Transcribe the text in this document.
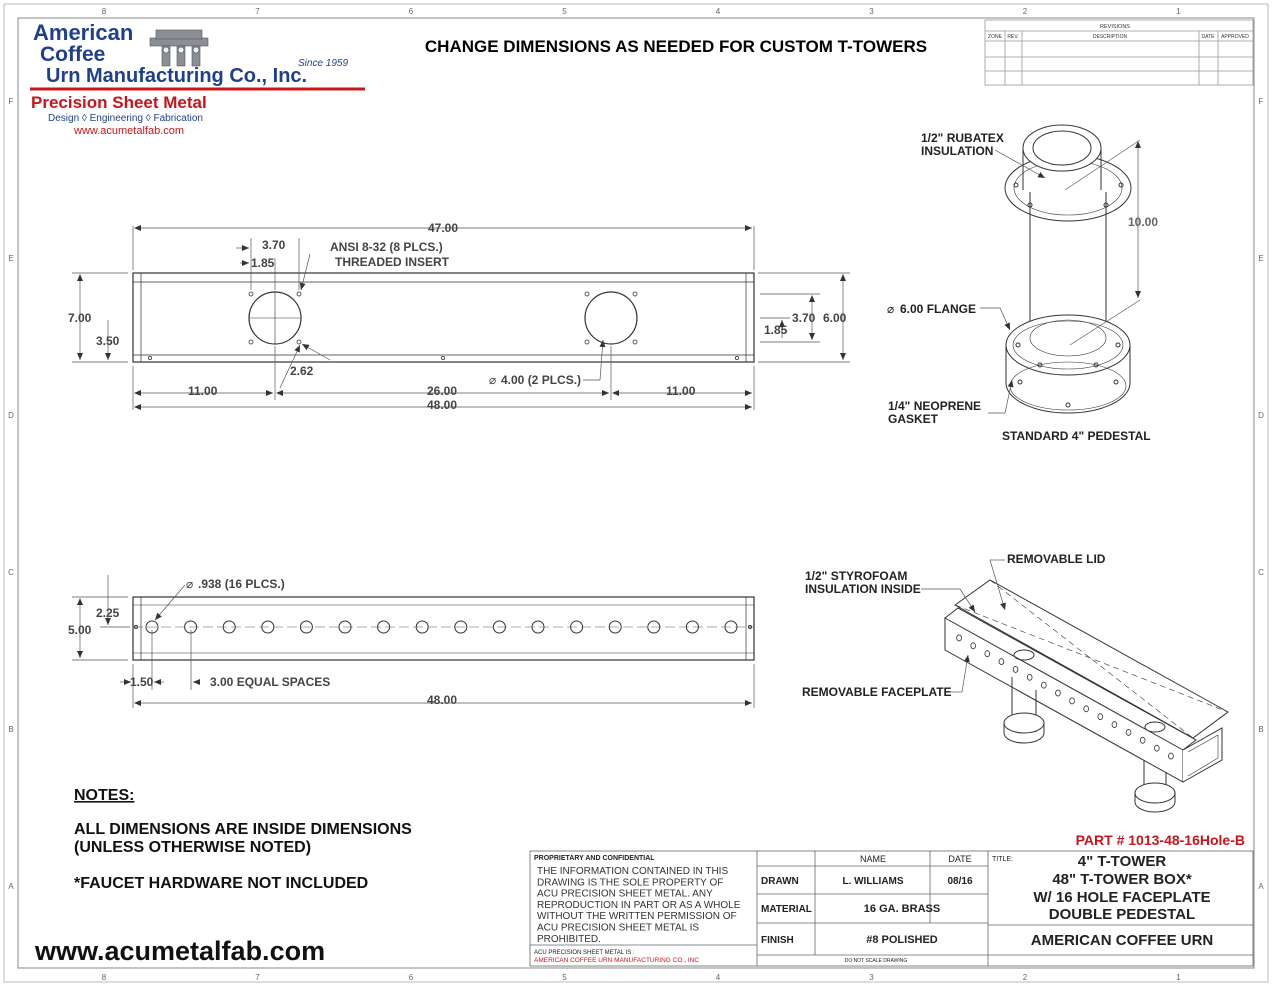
8
8
7
7
6
6
5
5
4
4
3
3
2
2
1
1
F	F
E	E
D	D
C	C
B	B
A	A
REVISIONS
ZONE REV.	DESCRIPTION	DATE APPROVED
American
Coffee
Urn Manufacturing Co., Inc.
Since 1959
Precision Sheet Metal
Design ◊ Engineering ◊ Fabrication
www.acumetalfab.com
CHANGE DIMENSIONS AS NEEDED FOR CUSTOM T-TOWERS
47.00
3.70
1.85
ANSI 8-32 (8 PLCS.)
THREADED INSERT
7.00
3.50
3.70 6.00
1.85
2.62
⌀ 4.00 (2 PLCS.)
11.00	26.00	11.00
48.00
⌀ .938 (16 PLCS.)
2.25
5.00
1.50	3.00 EQUAL SPACES
48.00
1/2" RUBATEX
INSULATION
10.00
⌀ 6.00 FLANGE
1/4" NEOPRENE
GASKET
STANDARD 4" PEDESTAL
REMOVABLE LID
1/2" STYROFOAM
INSULATION INSIDE
REMOVABLE FACEPLATE
NOTES:
ALL DIMENSIONS ARE INSIDE DIMENSIONS
(UNLESS OTHERWISE NOTED)
*FAUCET HARDWARE NOT INCLUDED
www.acumetalfab.com
PART # 1013-48-16Hole-B
PROPRIETARY AND CONFIDENTIAL
THE INFORMATION CONTAINED IN THIS
DRAWING IS THE SOLE PROPERTY OF
ACU PRECISION SHEET METAL. ANY
REPRODUCTION IN PART OR AS A WHOLE
WITHOUT THE WRITTEN PERMISSION OF
ACU PRECISION SHEET METAL IS
PROHIBITED.
ACU PRECISION SHEET METAL IS :
AMERICAN COFFEE URN MANUFACTURING CO., INC
NAME	DATE
DRAWN	L. WILLIAMS	08/16
MATERIAL	16 GA. BRASS
FINISH	#8 POLISHED
DO NOT SCALE DRAWING
TITLE:	4" T-TOWER
48" T-TOWER BOX*
W/ 16 HOLE FACEPLATE
DOUBLE PEDESTAL
AMERICAN COFFEE URN
